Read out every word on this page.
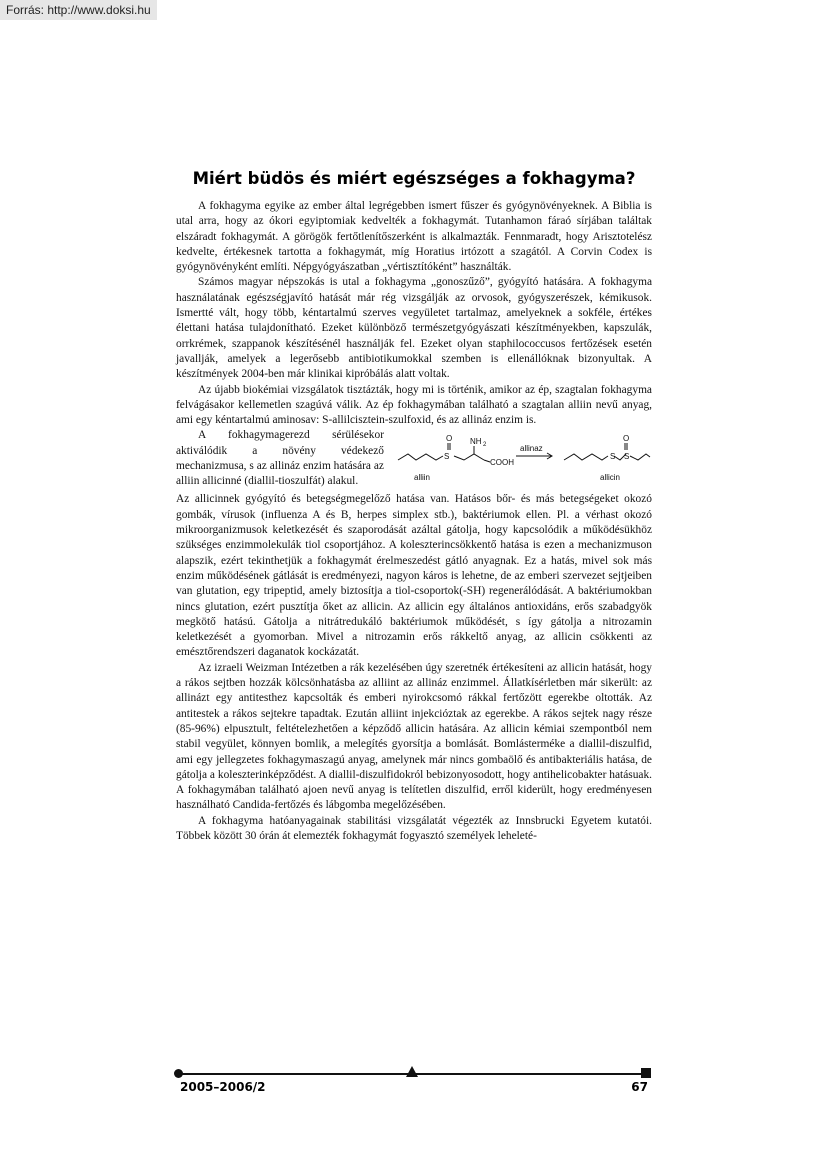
Forrás: http://www.doksi.hu
Miért büdös és miért egészséges a fokhagyma?

A fokhagyma egyike az ember által legrégebben ismert fűszer és gyógynövényeknek. A Biblia is utal arra, hogy az ókori egyiptomiak kedvelték a fokhagymát. Tutanhamon fáraó sírjában találtak elszáradt fokhagymát. A görögök fertőtlenítőszerként is alkalmazták. Fennmaradt, hogy Arisztotelész kedvelte, értékesnek tartotta a fokhagymát, míg Horatius irtózott a szagától. A Corvin Codex is gyógynövényként említi. Népgyógyászatban „vértisztítóként” használták.

Számos magyar népszokás is utal a fokhagyma „gonoszűző”, gyógyító hatására. A fokhagyma használatának egészségjavító hatását már rég vizsgálják az orvosok, gyógyszerészek, kémikusok. Ismertté vált, hogy több, kéntartalmú szerves vegyületet tartalmaz, amelyeknek a sokféle, értékes élettani hatása tulajdonítható. Ezeket különböző természetgyógyászati készítményekben, kapszulák, orrkrémek, szappanok készítésénél használják fel. Ezeket olyan staphilococcusos fertőzések esetén javallják, amelyek a legerősebb antibiotikumokkal szemben is ellenállóknak bizonyultak. A készítmények 2004-ben már klinikai kipróbálás alatt voltak.

Az újabb biokémiai vizsgálatok tisztázták, hogy mi is történik, amikor az ép, szagtalan fokhagyma felvágásakor kellemetlen szagúvá válik. Az ép fokhagymában található a szagtalan alliin nevű anyag, ami egy kéntartalmú aminosav: S-allilcisztein-szulfoxid, és az allináz enzim is.

O
S
NH 2
COOH
allinaz
alliin
O
S S
allicin

A fokhagymagerezd sérülésekor aktiválódik a növény védekező mechanizmusa, s az allináz enzim hatására az alliin allicinné (diallil-tioszulfát) alakul.

Az allicinnek gyógyító és betegségmegelőző hatása van. Hatásos bőr- és más betegségeket okozó gombák, vírusok (influenza A és B, herpes simplex stb.), baktériumok ellen. Pl. a vérhast okozó mikroorganizmusok keletkezését és szaporodását azáltal gátolja, hogy kapcsolódik a működésükhöz szükséges enzimmolekulák tiol csoportjához. A koleszterincsökkentő hatása is ezen a mechanizmuson alapszik, ezért tekinthetjük a fokhagymát érelmeszedést gátló anyagnak. Ez a hatás, mivel sok más enzim működésének gátlását is eredményezi, nagyon káros is lehetne, de az emberi szervezet sejtjeiben van glutation, egy tripeptid, amely biztosítja a tiol-csoportok(-SH) regenerálódását. A baktériumokban nincs glutation, ezért pusztítja őket az allicin. Az allicin egy általános antioxidáns, erős szabadgyök megkötő hatású. Gátolja a nitrátredukáló baktériumok működését, s így gátolja a nitrozamin keletkezését a gyomorban. Mivel a nitrozamin erős rákkeltő anyag, az allicin csökkenti az emésztőrendszeri daganatok kockázatát.

Az izraeli Weizman Intézetben a rák kezelésében úgy szeretnék értékesíteni az allicin hatását, hogy a rákos sejtben hozzák kölcsönhatásba az alliint az allináz enzimmel. Állatkísérletben már sikerült: az allinázt egy antitesthez kapcsolták és emberi nyirokcsomó rákkal fertőzött egerekbe oltották. Az antitestek a rákos sejtekre tapadtak. Ezután alliint injekcióztak az egerekbe. A rákos sejtek nagy része (85-96%) elpusztult, feltételezhetően a képződő allicin hatására. Az allicin kémiai szempontból nem stabil vegyület, könnyen bomlik, a melegítés gyorsítja a bomlását. Bomlásterméke a diallil-diszulfid, ami egy jellegzetes fokhagymaszagú anyag, amelynek már nincs gombaölő és antibakteriális hatása, de gátolja a koleszterinképződést. A diallil-diszulfidokról bebizonyosodott, hogy antihelicobakter hatásuak. A fokhagymában található ajoen nevű anyag is telítetlen diszulfid, erről kiderült, hogy eredményesen használható Candida-fertőzés és lábgomba megelőzésében.

A fokhagyma hatóanyagainak stabilitási vizsgálatát végezték az Innsbrucki Egyetem kutatói. Többek között 30 órán át elemezték fokhagymát fogyasztó személyek leheleté-

2005–2006/2	67
